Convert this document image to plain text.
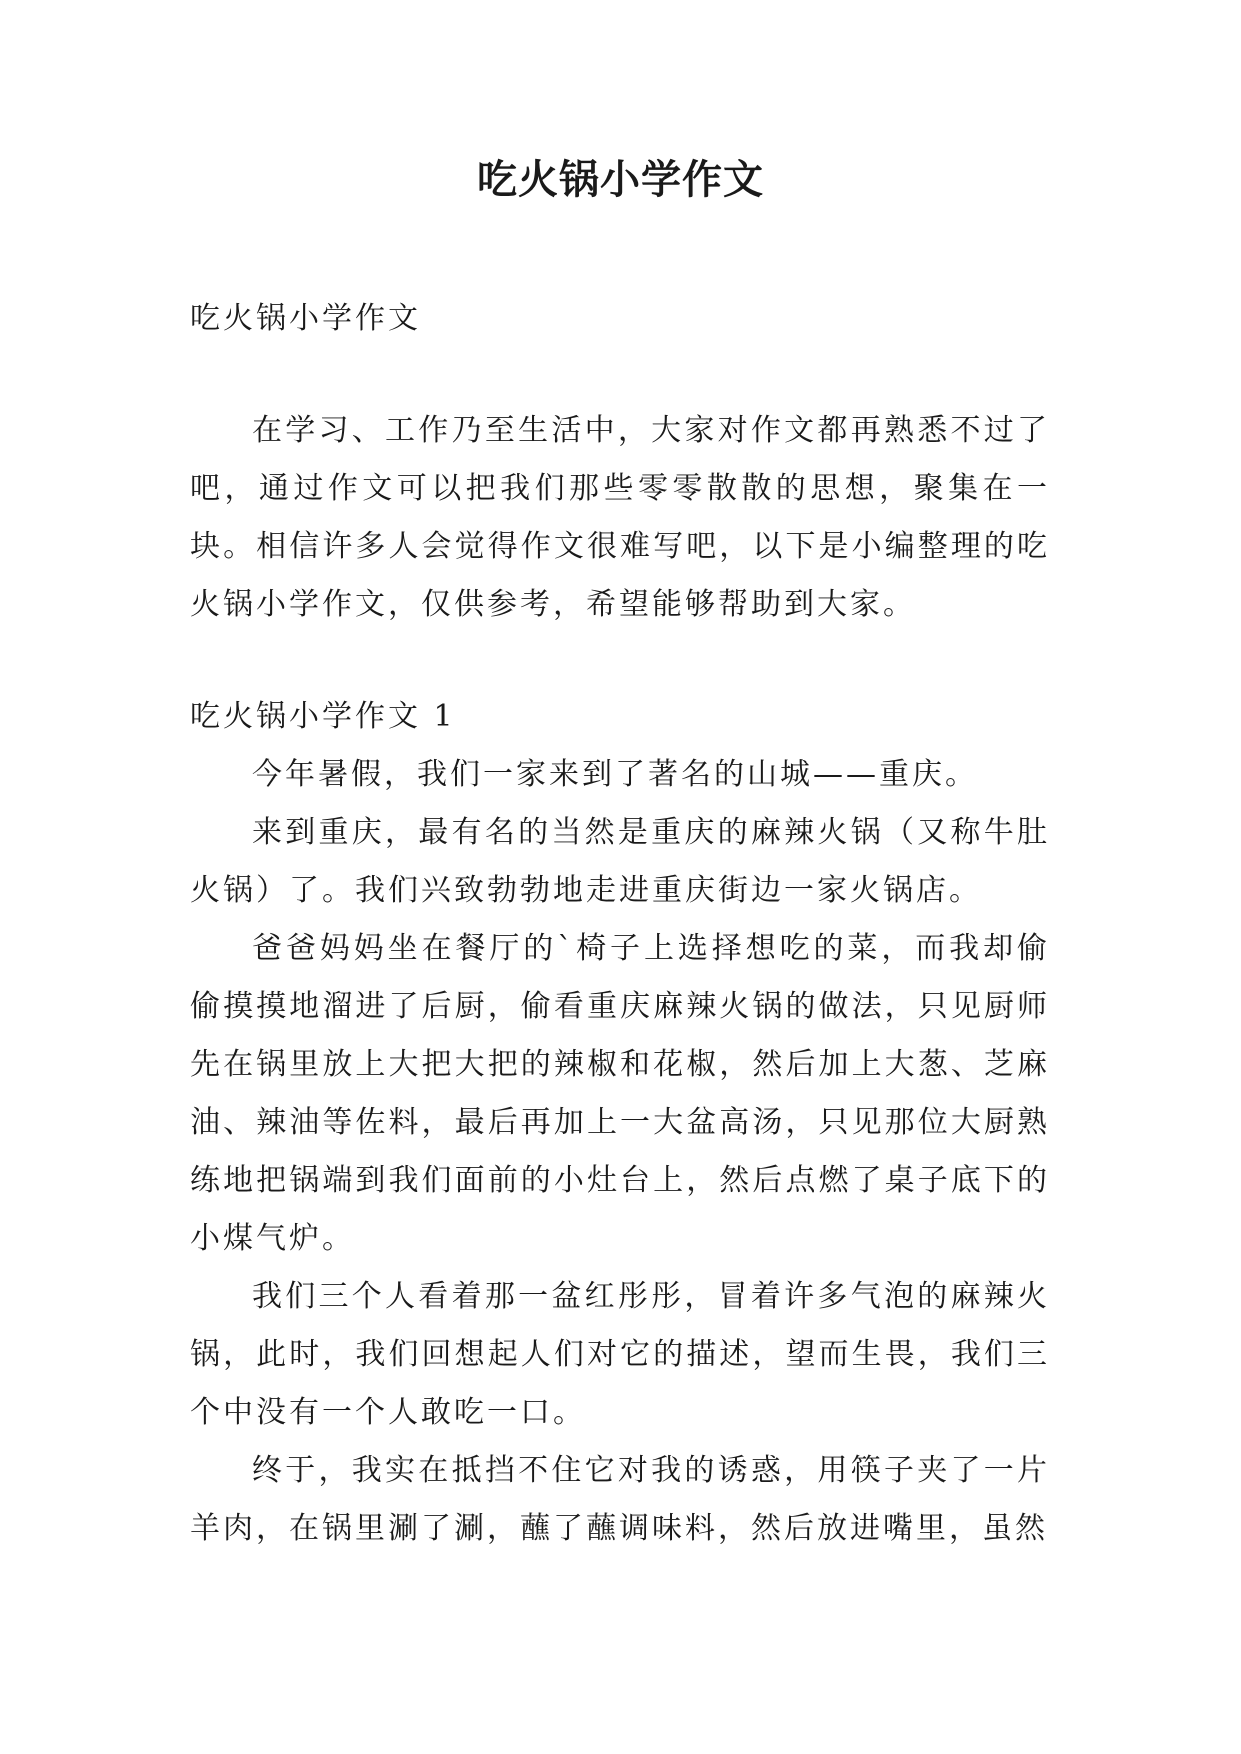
吃火锅小学作文

吃火锅小学作文

在学习、工作乃至生活中，大家对作文都再熟悉不过了吧，通过作文可以把我们那些零零散散的思想，聚集在一块。相信许多人会觉得作文很难写吧，以下是小编整理的吃火锅小学作文，仅供参考，希望能够帮助到大家。

吃火锅小学作文 1

今年暑假，我们一家来到了著名的山城——重庆。

来到重庆，最有名的当然是重庆的麻辣火锅（又称牛肚火锅）了。我们兴致勃勃地走进重庆街边一家火锅店。

爸爸妈妈坐在餐厅的`椅子上选择想吃的菜，而我却偷偷摸摸地溜进了后厨，偷看重庆麻辣火锅的做法，只见厨师先在锅里放上大把大把的辣椒和花椒，然后加上大葱、芝麻油、辣油等佐料，最后再加上一大盆高汤，只见那位大厨熟练地把锅端到我们面前的小灶台上，然后点燃了桌子底下的小煤气炉。

我们三个人看着那一盆红彤彤，冒着许多气泡的麻辣火锅，此时，我们回想起人们对它的描述，望而生畏，我们三个中没有一个人敢吃一口。

终于，我实在抵挡不住它对我的诱惑，用筷子夹了一片羊肉，在锅里涮了涮，蘸了蘸调味料，然后放进嘴里，虽然
